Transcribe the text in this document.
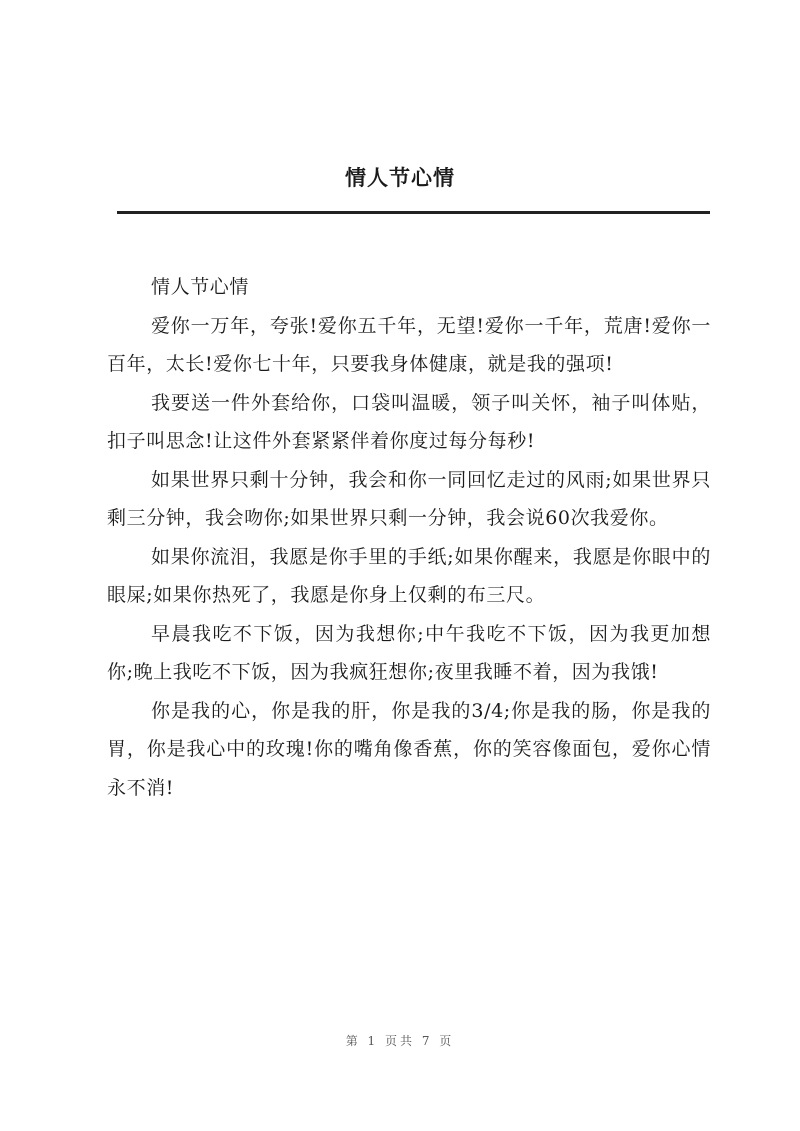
情人节心情

情人节心情

爱你一万年，夸张!爱你五千年，无望!爱你一千年，荒唐!爱你一百年，太长!爱你七十年，只要我身体健康，就是我的强项!

我要送一件外套给你，口袋叫温暖，领子叫关怀，袖子叫体贴，扣子叫思念!让这件外套紧紧伴着你度过每分每秒!

如果世界只剩十分钟，我会和你一同回忆走过的风雨;如果世界只剩三分钟，我会吻你;如果世界只剩一分钟，我会说60次我爱你。

如果你流泪，我愿是你手里的手纸;如果你醒来，我愿是你眼中的眼屎;如果你热死了，我愿是你身上仅剩的布三尺。

早晨我吃不下饭，因为我想你;中午我吃不下饭，因为我更加想你;晚上我吃不下饭，因为我疯狂想你;夜里我睡不着，因为我饿!

你是我的心，你是我的肝，你是我的3/4;你是我的肠，你是我的胃，你是我心中的玫瑰!你的嘴角像香蕉，你的笑容像面包，爱你心情永不消!

第 1 页共 7 页
